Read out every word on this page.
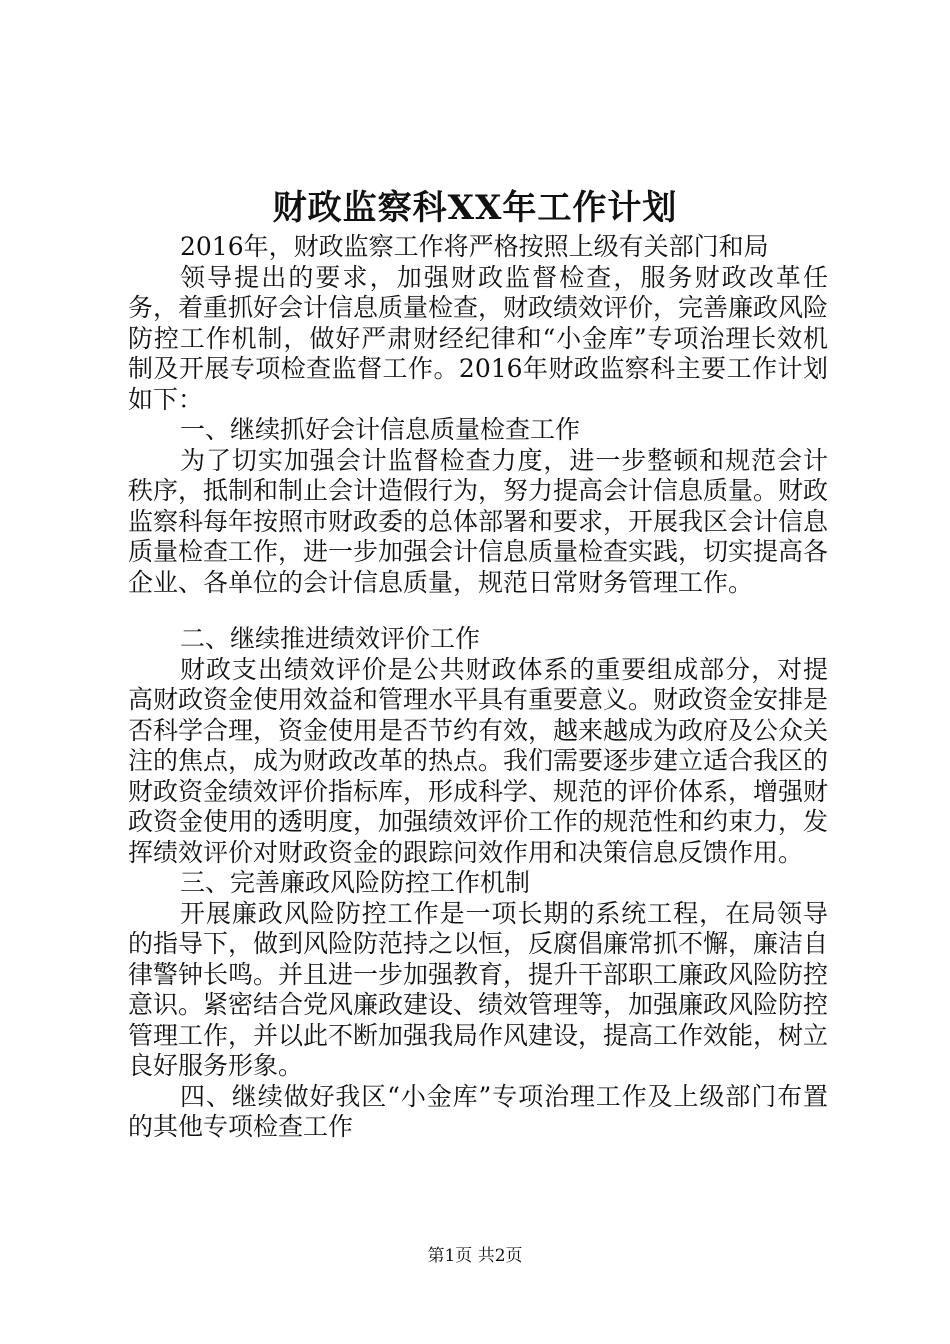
财政监察科XX年工作计划

2016年，财政监察工作将严格按照上级有关部门和局

领导提出的要求，加强财政监督检查，服务财政改革任务，着重抓好会计信息质量检查，财政绩效评价，完善廉政风险防控工作机制，做好严肃财经纪律和“小金库”专项治理长效机制及开展专项检查监督工作。2016年财政监察科主要工作计划如下：

一、继续抓好会计信息质量检查工作

为了切实加强会计监督检查力度，进一步整顿和规范会计秩序，抵制和制止会计造假行为，努力提高会计信息质量。财政监察科每年按照市财政委的总体部署和要求，开展我区会计信息质量检查工作，进一步加强会计信息质量检查实践，切实提高各企业、各单位的会计信息质量，规范日常财务管理工作。

二、继续推进绩效评价工作

财政支出绩效评价是公共财政体系的重要组成部分，对提高财政资金使用效益和管理水平具有重要意义。财政资金安排是否科学合理，资金使用是否节约有效，越来越成为政府及公众关注的焦点，成为财政改革的热点。我们需要逐步建立适合我区的财政资金绩效评价指标库，形成科学、规范的评价体系，增强财政资金使用的透明度，加强绩效评价工作的规范性和约束力，发挥绩效评价对财政资金的跟踪问效作用和决策信息反馈作用。

三、完善廉政风险防控工作机制

开展廉政风险防控工作是一项长期的系统工程，在局领导的指导下，做到风险防范持之以恒，反腐倡廉常抓不懈，廉洁自律警钟长鸣。并且进一步加强教育，提升干部职工廉政风险防控意识。紧密结合党风廉政建设、绩效管理等，加强廉政风险防控管理工作，并以此不断加强我局作风建设，提高工作效能，树立良好服务形象。

四、继续做好我区“小金库”专项治理工作及上级部门布置的其他专项检查工作

第1页 共2页
